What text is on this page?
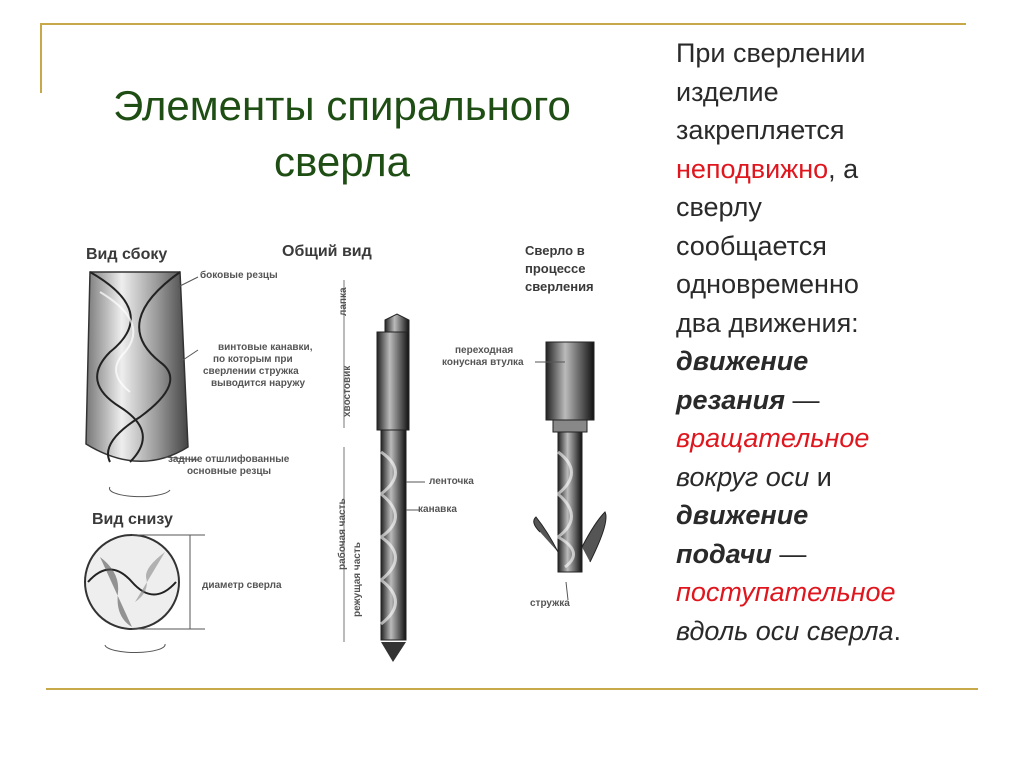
Элементы спирального сверла
Вид сбоку	Общий вид	Сверло в
процессе
сверления
Вид снизу
боковые резцы
винтовые канавки,
по которым при
сверлении стружка
выводится наружу
задние отшлифованные
основные резцы
диаметр сверла
лапка
хвостовик
рабочая часть
режущая часть
ленточка
канавка
переходная
конусная втулка
стружка
При сверлении
изделие
закрепляется
неподвижно, а
сверлу
сообщается
одновременно
два движения:
движение
резания —
вращательное
вокруг оси и
движение
подачи —
поступательное
вдоль оси сверла.
